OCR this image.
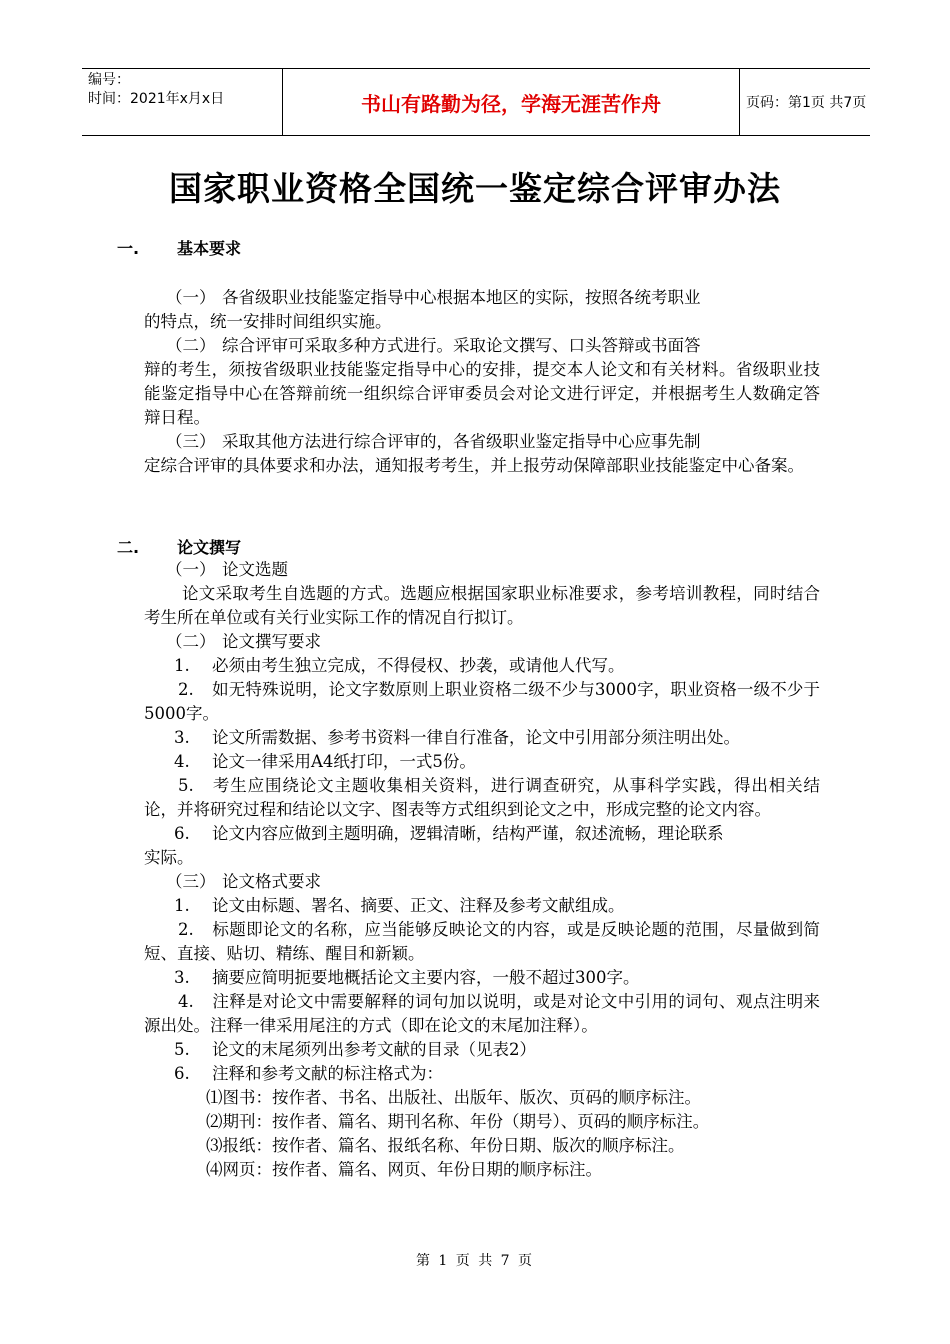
编号：
时间：2021年x月x日	书山有路勤为径，学海无涯苦作舟	页码：第1页 共7页
国家职业资格全国统一鉴定综合评审办法
一. 基本要求

（一） 各省级职业技能鉴定指导中心根据本地区的实际，按照各统考职业
的特点，统一安排时间组织实施。

（二） 综合评审可采取多种方式进行。采取论文撰写、口头答辩或书面答
辩的考生，须按省级职业技能鉴定指导中心的安排，提交本人论文和有关材料。省级职业技能鉴定指导中心在答辩前统一组织综合评审委员会对论文进行评定，并根据考生人数确定答辩日程。

（三） 采取其他方法进行综合评审的，各省级职业鉴定指导中心应事先制
定综合评审的具体要求和办法，通知报考考生，并上报劳动保障部职业技能鉴定中心备案。

二. 论文撰写

（一） 论文选题

论文采取考生自选题的方式。选题应根据国家职业标准要求，参考培训教程，同时结合考生所在单位或有关行业实际工作的情况自行拟订。

（二） 论文撰写要求

1. 必须由考生独立完成，不得侵权、抄袭，或请他人代写。

2. 如无特殊说明，论文字数原则上职业资格二级不少与3000字，职业资格一级不少于5000字。

3. 论文所需数据、参考书资料一律自行准备，论文中引用部分须注明出处。

4. 论文一律采用A4纸打印，一式5份。

5. 考生应围绕论文主题收集相关资料，进行调查研究，从事科学实践，得出相关结论，并将研究过程和结论以文字、图表等方式组织到论文之中，形成完整的论文内容。

6. 论文内容应做到主题明确，逻辑清晰，结构严谨，叙述流畅，理论联系
实际。

（三） 论文格式要求

1. 论文由标题、署名、摘要、正文、注释及参考文献组成。

2. 标题即论文的名称，应当能够反映论文的内容，或是反映论题的范围，尽量做到简短、直接、贴切、精练、醒目和新颖。

3. 摘要应简明扼要地概括论文主要内容，一般不超过300字。

4. 注释是对论文中需要解释的词句加以说明，或是对论文中引用的词句、观点注明来源出处。注释一律采用尾注的方式（即在论文的末尾加注释）。

5. 论文的末尾须列出参考文献的目录（见表2）

6. 注释和参考文献的标注格式为：

⑴图书：按作者、书名、出版社、出版年、版次、页码的顺序标注。

⑵期刊：按作者、篇名、期刊名称、年份（期号）、页码的顺序标注。

⑶报纸：按作者、篇名、报纸名称、年份日期、版次的顺序标注。

⑷网页：按作者、篇名、网页、年份日期的顺序标注。

第 1 页 共 7 页
